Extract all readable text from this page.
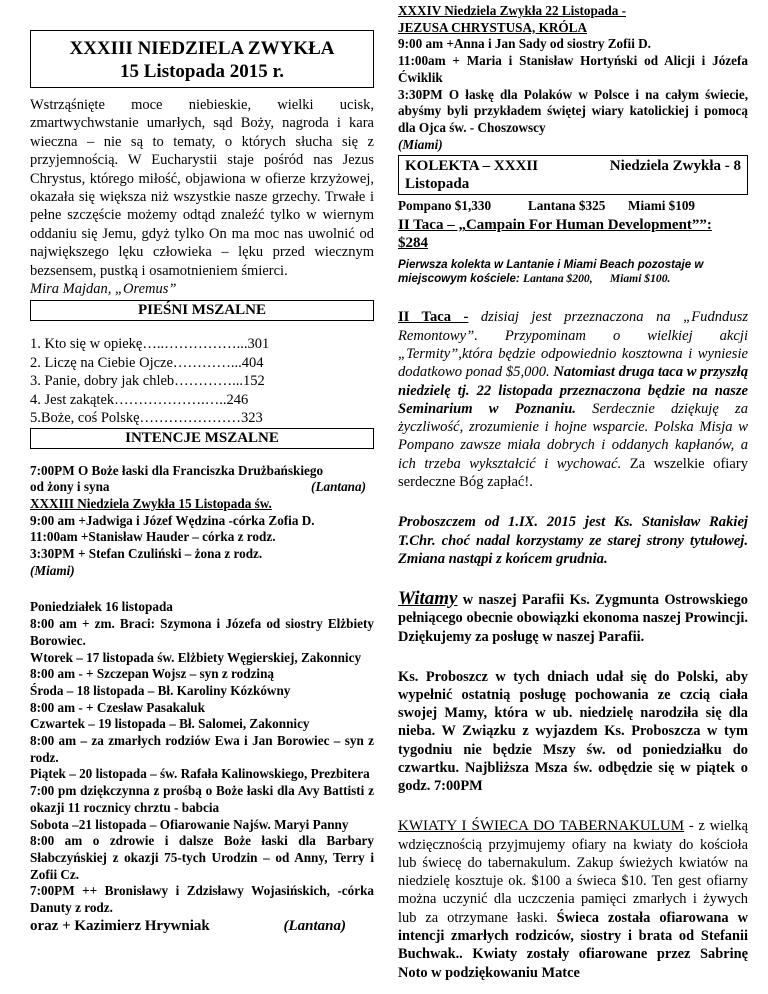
XXXIII NIEDZIELA ZWYKŁA
15 Listopada 2015 r.

Wstrząśnięte moce niebieskie, wielki ucisk, zmartwychwstanie umarłych, sąd Boży, nagroda i kara wieczna – nie są to tematy, o których słucha się z przyjemnością. W Eucharystii staje pośród nas Jezus Chrystus, którego miłość, objawiona w ofierze krzyżowej, okazała się większa niż wszystkie nasze grzechy. Trwałe i pełne szczęście możemy odtąd znaleźć tylko w wiernym oddaniu się Jemu, gdyż tylko On ma moc nas uwolnić od największego lęku człowieka – lęku przed wiecznym bezsensem, pustką i osamotnieniem śmierci.

Mira Majdan, „Oremus”

PIEŚNI MSZALNE

1. Kto się w opiekę…..……………...301

2. Liczę na Ciebie Ojcze…………...404

3. Panie, dobry jak chleb…………...152

4. Jest zakątek……………….…..246

5.Boże, coś Polskę…………………323

INTENCJE MSZALNE

7:00PM O Boże łaski dla Franciszka Drużbańskiego

od żony i syna	(Lantana)

XXXIII Niedziela Zwykła 15 Listopada św.

9:00 am +Jadwiga i Józef Wędzina -córka Zofia D.

11:00am +Stanisław Hauder – córka z rodz.

3:30PM + Stefan Czuliński – żona z rodz.

(Miami)

Poniedziałek 16 listopada

8:00 am + zm. Braci: Szymona i Józefa od siostry Elżbiety Borowiec.

Wtorek – 17 listopada św. Elżbiety Węgierskiej, Zakonnicy

8:00 am - + Szczepan Wojsz – syn z rodziną

Środa – 18 listopada – Bł. Karoliny Kózkówny

8:00 am - + Czesław Pasakaluk

Czwartek – 19 listopada – Bł. Salomei, Zakonnicy

8:00 am – za zmarłych rodziów Ewa i Jan Borowiec – syn z rodz.

Piątek – 20 listopada – św. Rafała Kalinowskiego, Prezbitera

7:00 pm dziękczynna z prośbą o Boże łaski dla Avy Battisti z okazji 11 rocznicy chrztu - babcia

Sobota –21 listopada – Ofiarowanie Najśw. Maryi Panny

8:00 am o zdrowie i dalsze Boże łaski dla Barbary Słabczyńskiej z okazji 75-tych Urodzin – od Anny, Terry i Zofii Cz.

7:00PM ++ Bronisławy i Zdzisławy Wojasińskich, -córka Danuty z rodz.

oraz + Kazimierz Hrywniak	(Lantana)

XXXIV Niedziela Zwykła 22 Listopada -

JEZUSA CHRYSTUSA, KRÓLA

9:00 am +Anna i Jan Sady od siostry Zofii D.

11:00am + Maria i Stanisław Hortyński od Alicji i Józefa Ćwiklik

3:30PM O łaskę dla Polaków w Polsce i na całym świecie, abyśmy byli przykładem świętej wiary katolickiej i pomocą dla Ojca św. - Choszowscy

(Miami)

KOLEKTA – XXXII	Niedziela Zwykła - 8
Listopada
Pompano $1,330	Lantana $325	Miami $109

II Taca – „Campain For Human Development””:

$284

Pierwsza kolekta w Lantanie i Miami Beach pozostaje w

miejscowym kościele: Lantana $200, Miami $100.

II Taca - dzisiaj jest przeznaczona na „Fudndusz Remontowy”. Przypominam o wielkiej akcji „Termity”,która będzie odpowiednio kosztowna i wyniesie dodatkowo ponad $5,000. Natomiast druga taca w przyszłą niedzielę tj. 22 listopada przeznaczona będzie na nasze Seminarium w Poznaniu. Serdecznie dziękuję za życzliwość, zrozumienie i hojne wsparcie. Polska Misja w Pompano zawsze miała dobrych i oddanych kapłanów, a ich trzeba wykształcić i wychować. Za wszelkie ofiary serdeczne Bóg zapłać!.

Proboszczem od 1.IX. 2015 jest Ks. Stanisław Rakiej T.Chr. choć nadal korzystamy ze starej strony tytułowej. Zmiana nastąpi z końcem grudnia.

Witamy w naszej Parafii Ks. Zygmunta Ostrowskiego pełniącego obecnie obowiązki ekonoma naszej Prowincji. Dziękujemy za posługę w naszej Parafii.

Ks. Proboszcz w tych dniach udał się do Polski, aby wypełnić ostatnią posługę pochowania ze czcią ciała swojej Mamy, która w ub. niedzielę narodziła się dla nieba. W Związku z wyjazdem Ks. Proboszcza w tym tygodniu nie będzie Mszy św. od poniedziałku do czwartku. Najbliższa Msza św. odbędzie się w piątek o godz. 7:00PM

KWIATY I ŚWIECA DO TABERNAKULUM - z wielką wdzięcznością przyjmujemy ofiary na kwiaty do kościoła lub świecę do tabernakulum. Zakup świeżych kwiatów na niedzielę kosztuje ok. $100 a świeca $10. Ten gest ofiarny można uczynić dla uczczenia pamięci zmarłych i żywych lub za otrzymane łaski. Świeca została ofiarowana w intencji zmarłych rodziców, siostry i brata od Stefanii Buchwak.. Kwiaty zostały ofiarowane przez Sabrinę Noto w podziękowaniu Matce
